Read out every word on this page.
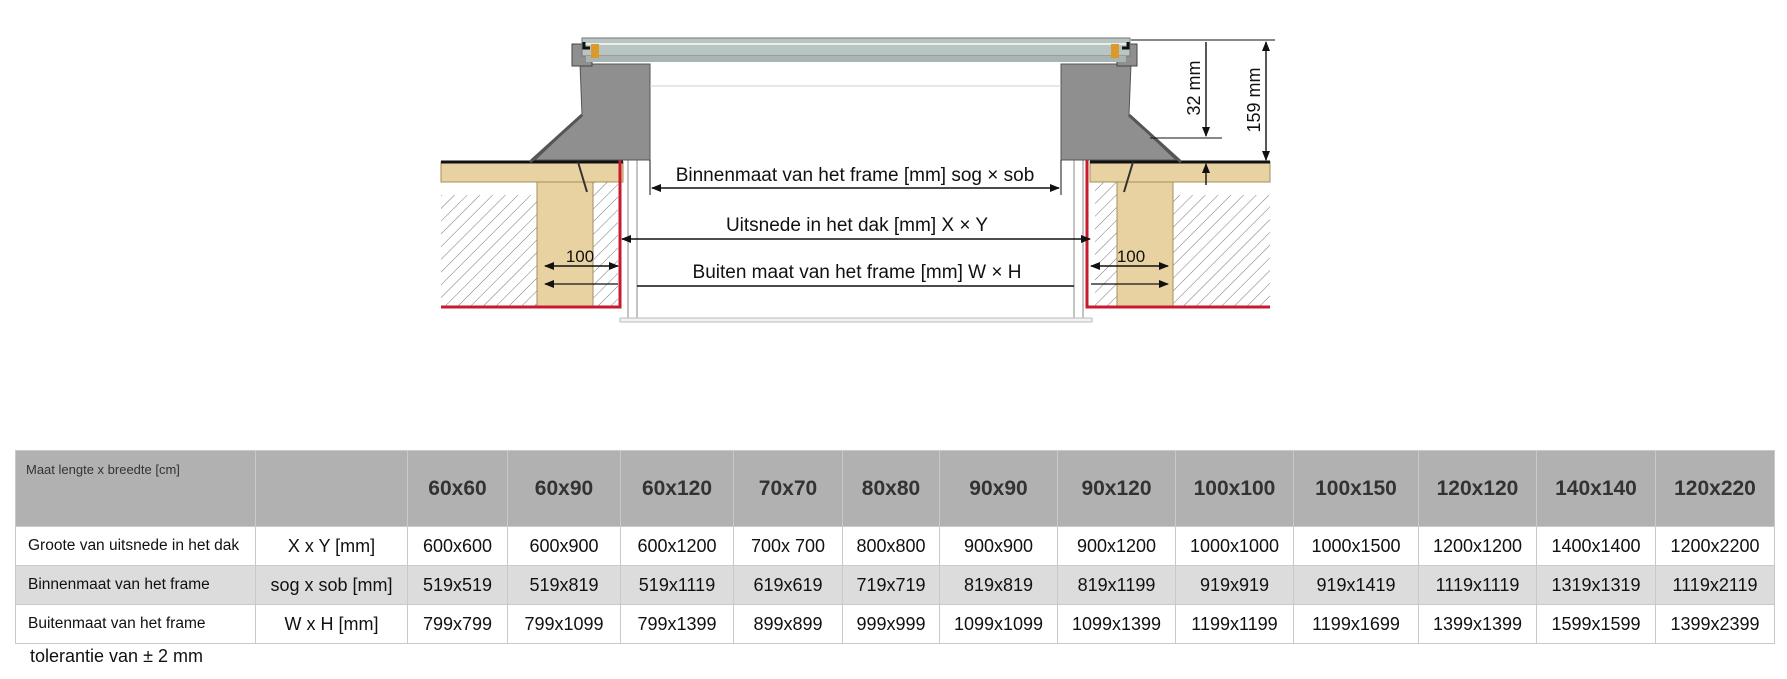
Binnenmaat van het frame [mm] sog × sob
Uitsnede in het dak [mm] X × Y
Buiten maat van het frame [mm] W × H
100	100
32 mm 159 mm
Maat lengte x breedte [cm]		60x60	60x90	60x120	70x70	80x80	90x90	90x120	100x100	100x150	120x120	140x140	120x220
Groote van uitsnede in het dak	X x Y [mm]	600x600	600x900	600x1200	700x 700	800x800	900x900	900x1200	1000x1000	1000x1500	1200x1200	1400x1400	1200x2200
Binnenmaat van het frame	sog x sob [mm]	519x519	519x819	519x1119	619x619	719x719	819x819	819x1199	919x919	919x1419	1119x1119	1319x1319	1119x2119
Buitenmaat van het frame	W x H [mm]	799x799	799x1099	799x1399	899x899	999x999	1099x1099	1099x1399	1199x1199	1199x1699	1399x1399	1599x1599	1399x2399
tolerantie van ± 2 mm
